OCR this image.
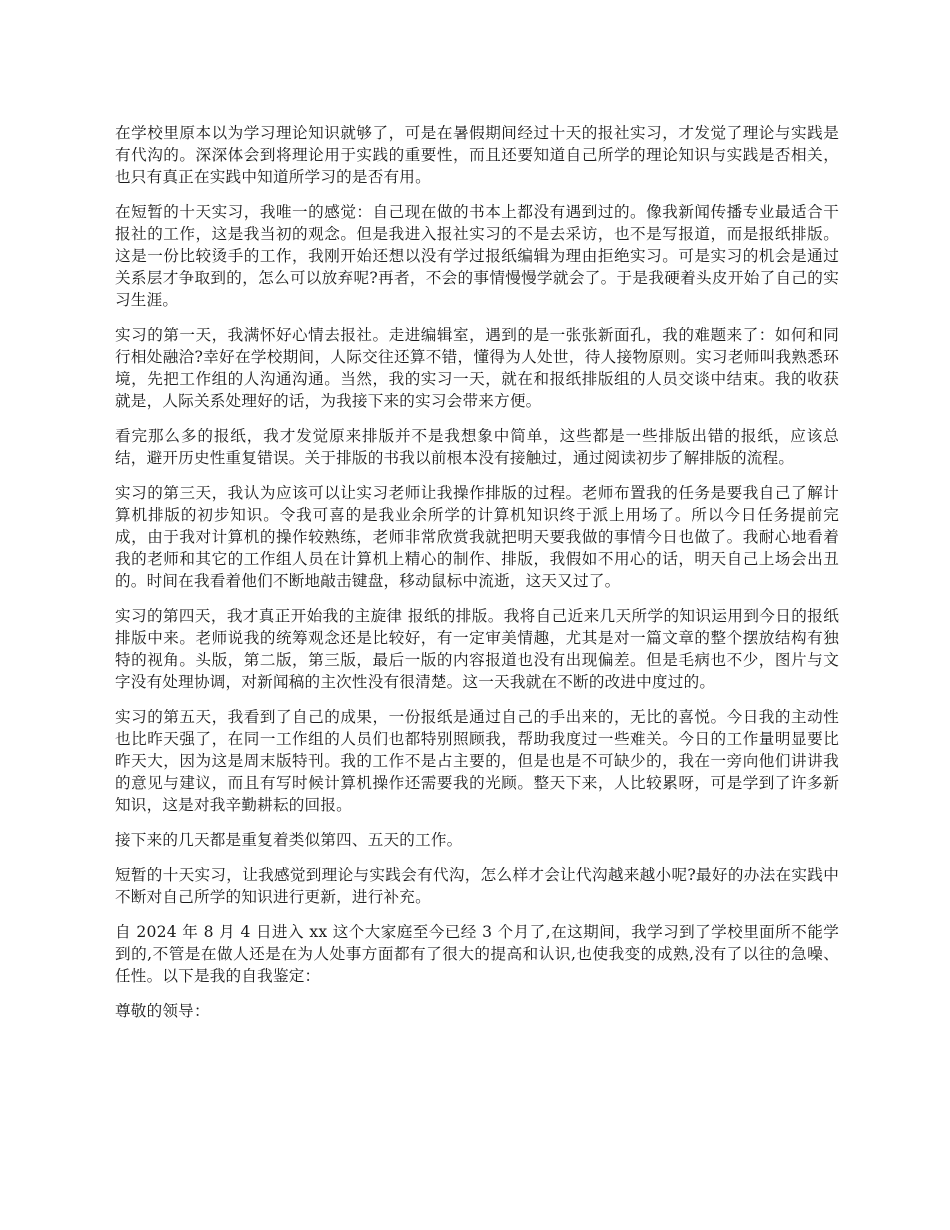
在学校里原本以为学习理论知识就够了，可是在暑假期间经过十天的报社实习，才发觉了理论与实践是有代沟的。深深体会到将理论用于实践的重要性，而且还要知道自己所学的理论知识与实践是否相关，也只有真正在实践中知道所学习的是否有用。

在短暂的十天实习，我唯一的感觉：自己现在做的书本上都没有遇到过的。像我新闻传播专业最适合干报社的工作，这是我当初的观念。但是我进入报社实习的不是去采访，也不是写报道，而是报纸排版。这是一份比较烫手的工作，我刚开始还想以没有学过报纸编辑为理由拒绝实习。可是实习的机会是通过关系层才争取到的，怎么可以放弃呢?再者，不会的事情慢慢学就会了。于是我硬着头皮开始了自己的实习生涯。

实习的第一天，我满怀好心情去报社。走进编辑室，遇到的是一张张新面孔，我的难题来了：如何和同行相处融洽?幸好在学校期间，人际交往还算不错，懂得为人处世，待人接物原则。实习老师叫我熟悉环境，先把工作组的人沟通沟通。当然，我的实习一天，就在和报纸排版组的人员交谈中结束。我的收获就是，人际关系处理好的话，为我接下来的实习会带来方便。

看完那么多的报纸，我才发觉原来排版并不是我想象中简单，这些都是一些排版出错的报纸，应该总结，避开历史性重复错误。关于排版的书我以前根本没有接触过，通过阅读初步了解排版的流程。

实习的第三天，我认为应该可以让实习老师让我操作排版的过程。老师布置我的任务是要我自己了解计算机排版的初步知识。令我可喜的是我业余所学的计算机知识终于派上用场了。所以今日任务提前完成，由于我对计算机的操作较熟练，老师非常欣赏我就把明天要我做的事情今日也做了。我耐心地看着我的老师和其它的工作组人员在计算机上精心的制作、排版，我假如不用心的话，明天自己上场会出丑的。时间在我看着他们不断地敲击键盘，移动鼠标中流逝，这天又过了。

实习的第四天，我才真正开始我的主旋律 报纸的排版。我将自己近来几天所学的知识运用到今日的报纸排版中来。老师说我的统筹观念还是比较好，有一定审美情趣，尤其是对一篇文章的整个摆放结构有独特的视角。头版，第二版，第三版，最后一版的内容报道也没有出现偏差。但是毛病也不少，图片与文字没有处理协调，对新闻稿的主次性没有很清楚。这一天我就在不断的改进中度过的。

实习的第五天，我看到了自己的成果，一份报纸是通过自己的手出来的，无比的喜悦。今日我的主动性也比昨天强了，在同一工作组的人员们也都特别照顾我，帮助我度过一些难关。今日的工作量明显要比昨天大，因为这是周末版特刊。我的工作不是占主要的，但是也是不可缺少的，我在一旁向他们讲讲我的意见与建议，而且有写时候计算机操作还需要我的光顾。整天下来，人比较累呀，可是学到了许多新知识，这是对我辛勤耕耘的回报。

接下来的几天都是重复着类似第四、五天的工作。

短暂的十天实习，让我感觉到理论与实践会有代沟，怎么样才会让代沟越来越小呢?最好的办法在实践中不断对自己所学的知识进行更新，进行补充。

自 2024 年 8 月 4 日进入 xx 这个大家庭至今已经 3 个月了,在这期间，我学习到了学校里面所不能学到的,不管是在做人还是在为人处事方面都有了很大的提高和认识,也使我变的成熟,没有了以往的急噪、任性。以下是我的自我鉴定：

尊敬的领导：
